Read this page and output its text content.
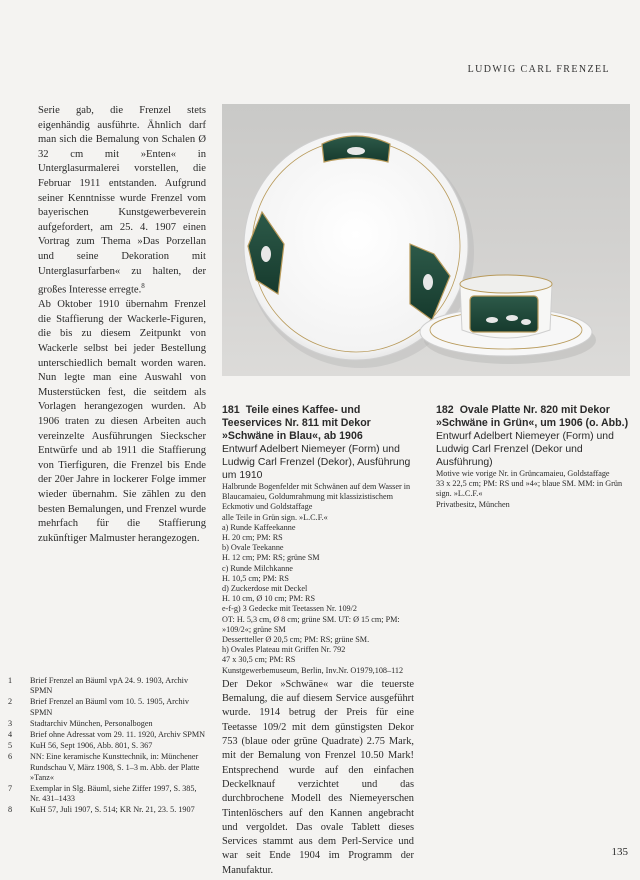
LUDWIG CARL FRENZEL

Serie gab, die Frenzel stets eigenhändig ausführte. Ähnlich darf man sich die Bemalung von Schalen Ø 32 cm mit »Enten« in Unterglasurmalerei vorstellen, die Februar 1911 entstanden. Aufgrund seiner Kenntnisse wurde Frenzel vom bayerischen Kunstgewerbeverein aufgefordert, am 25. 4. 1907 einen Vortrag zum Thema »Das Porzellan und seine Dekoration mit Unterglasurfarben« zu halten, der großes Interesse erregte.$^8$

Ab Oktober 1910 übernahm Frenzel die Staffierung der Wackerle-Figuren, die bis zu diesem Zeitpunkt von Wackerle selbst bei jeder Bestellung unterschiedlich bemalt worden waren. Nun legte man eine Auswahl von Musterstücken fest, die seitdem als Vorlagen herangezogen wurden. Ab 1906 traten zu diesen Arbeiten auch vereinzelte Ausführungen Siecksсher Entwürfe und ab 1911 die Staffierung von Tierfiguren, die Frenzel bis Ende der 20er Jahre in lockerer Folge immer wieder übernahm. Sie zählen zu den besten Bemalungen, und Frenzel wurde mehrfach für die Staffierung zukünftiger Malmuster herangezogen.

181 Teile eines Kaffee- und Teeservices Nr. 811 mit Dekor »Schwäne in Blau«, ab 1906

Entwurf Adelbert Niemeyer (Form) und Ludwig Carl Frenzel (Dekor), Ausführung um 1910

Halbrunde Bogenfelder mit Schwänen auf dem Wasser in Blaucamaieu, Goldumrahmung mit klassizistischem Eckmotiv und Goldstaffage

alle Teile in Grün sign. »L.C.F.«

a) Runde Kaffeekanne

H. 20 cm; PM: RS

b) Ovale Teekanne

H. 12 cm; PM: RS; grüne SM

c) Runde Milchkanne

H. 10,5 cm; PM: RS

d) Zuckerdose mit Deckel

H. 10 cm, Ø 10 cm; PM: RS

e-f-g) 3 Gedecke mit Teetassen Nr. 109/2

OT: H. 5,3 cm, Ø 8 cm; grüne SM. UT: Ø 15 cm; PM: »109/2«; grüne SM

Dessertteller Ø 20,5 cm; PM: RS; grüne SM.

h) Ovales Plateau mit Griffen Nr. 792

47 x 30,5 cm; PM: RS

Kunstgewerbemuseum, Berlin, Inv.Nr. O1979,108–112

Der Dekor »Schwäne« war die teuerste Bemalung, die auf diesem Service ausgeführt wurde. 1914 betrug der Preis für eine Teetasse 109/2 mit dem günstigsten Dekor 753 (blaue oder grüne Quadrate) 2.75 Mark, mit der Bemalung von Frenzel 10.50 Mark! Entsprechend wurde auf den einfachen Deckelknauf verzichtet und das durchbrochene Modell des Niemeyerschen Tintenlöschers auf den Kannen angebracht und vergoldet. Das ovale Tablett dieses Services stammt aus dem Perl-Service und war seit Ende 1904 im Programm der Manufaktur.

182 Ovale Platte Nr. 820 mit Dekor »Schwäne in Grün«, um 1906 (o. Abb.)

Entwurf Adelbert Niemeyer (Form) und Ludwig Carl Frenzel (Dekor und Ausführung)

Motive wie vorige Nr. in Grüncamaieu, Goldstaffage

33 x 22,5 cm; PM: RS und »4«; blaue SM. MM: in Grün sign. »L.C.F.«

Privatbesitz, München

1	Brief Frenzel an Bäuml vpA 24. 9. 1903, Archiv SPMN
2	Brief Frenzel an Bäuml vom 10. 5. 1905, Archiv SPMN
3	Stadtarchiv München, Personalbogen
4	Brief ohne Adressat vom 29. 11. 1920, Archiv SPMN
5	KuH 56, Sept 1906, Abb. 801, S. 367
6	NN: Eine keramische Kunsttechnik, in: Münchener Rundschau V, März 1908, S. 1–3 m. Abb. der Platte »Tanz«
7	Exemplar in Slg. Bäuml, siehe Ziffer 1997, S. 385, Nr. 431–1433
8	KuH 57, Juli 1907, S. 514; KR Nr. 21, 23. 5. 1907
135
